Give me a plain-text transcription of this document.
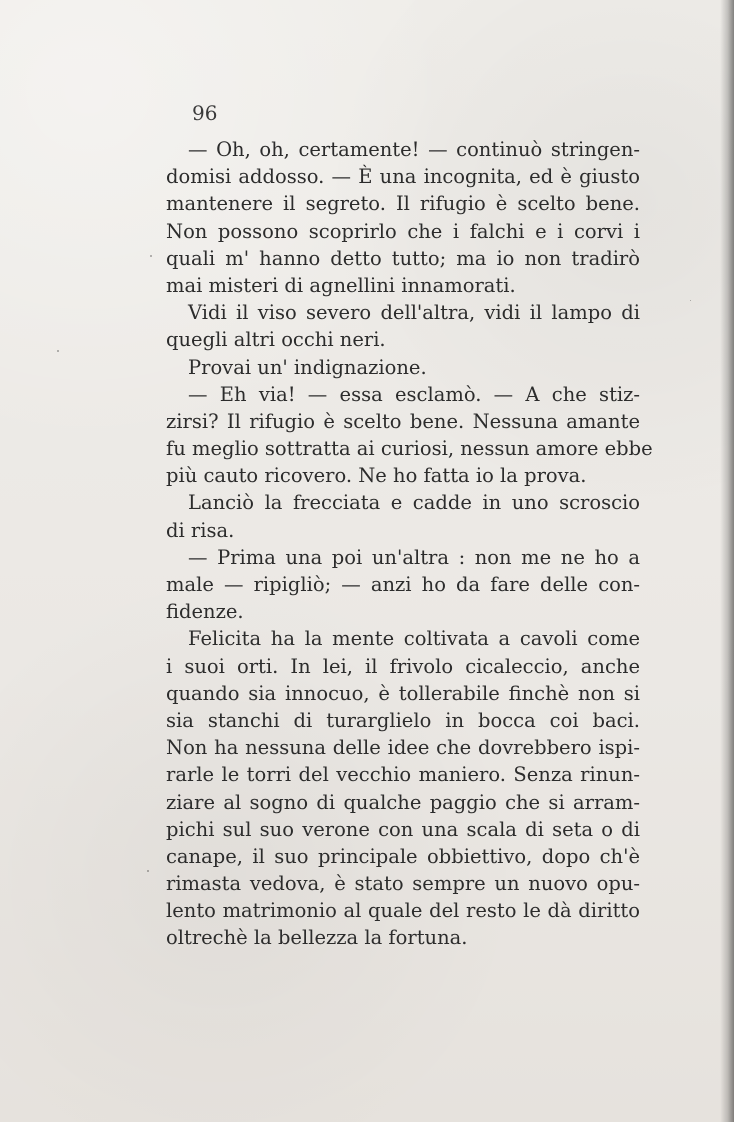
96
— Oh, oh, certamente! — continuò stringen-
domisi addosso. — È una incognita, ed è giusto
mantenere il segreto. Il rifugio è scelto bene.
Non possono scoprirlo che i falchi e i corvi i
quali m' hanno detto tutto; ma io non tradirò
mai misteri di agnellini innamorati.
Vidi il viso severo dell'altra, vidi il lampo di
quegli altri occhi neri.
Provai un' indignazione.
— Eh via! — essa esclamò. — A che stiz-
zirsi? Il rifugio è scelto bene. Nessuna amante
fu meglio sottratta ai curiosi, nessun amore ebbe
più cauto ricovero. Ne ho fatta io la prova.
Lanciò la frecciata e cadde in uno scroscio
di risa.
— Prima una poi un'altra : non me ne ho a
male — ripigliò; — anzi ho da fare delle con-
fidenze.
Felicita ha la mente coltivata a cavoli come
i suoi orti. In lei, il frivolo cicaleccio, anche
quando sia innocuo, è tollerabile finchè non si
sia stanchi di turarglielo in bocca coi baci.
Non ha nessuna delle idee che dovrebbero ispi-
rarle le torri del vecchio maniero. Senza rinun-
ziare al sogno di qualche paggio che si arram-
pichi sul suo verone con una scala di seta o di
canape, il suo principale obbiettivo, dopo ch'è
rimasta vedova, è stato sempre un nuovo opu-
lento matrimonio al quale del resto le dà diritto
oltrechè la bellezza la fortuna.
